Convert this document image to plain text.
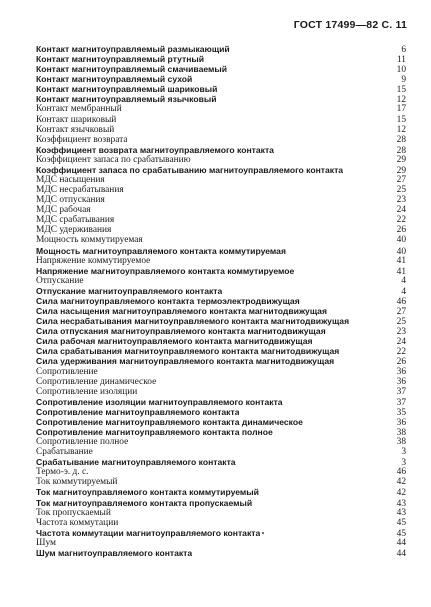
ГОСТ 17499—82 С. 11
Контакт магнитоуправляемый размыкающий	6
Контакт магнитоуправляемый ртутный	11
Контакт магнитоуправляемый смачиваемый	10
Контакт магнитоуправляемый сухой	9
Контакт магнитоуправляемый шариковый	15
Контакт магнитоуправляемый язычковый	12
Контакт мембранный	17
Контакт шариковый	15
Контакт язычковый	12
Коэффициент возврата	28
Коэффициент возврата магнитоуправляемого контакта	28
Коэффициент запаса по срабатыванию	29
Коэффициент запаса по срабатыванию магнитоуправляемого контакта	29
МДС насыщения	27
МДС несрабатывания	25
МДС отпускания	23
МДС рабочая	24
МДС срабатывания	22
МДС удерживания	26
Мощность коммутируемая	40
Мощность магнитоуправляемого контакта коммутируемая	40
Напряжение коммутируемое	41
Напряжение магнитоуправляемого контакта коммутируемое	41
Отпускание	4
Отпускание магнитоуправляемого контакта	4
Сила магнитоуправляемого контакта термоэлектродвижущая	46
Сила насыщения магнитоуправляемого контакта магнитодвижущая	27
Сила несрабатывания магнитоуправляемого контакта магнитодвижущая	25
Сила отпускания магнитоуправляемого контакта магнитодвижущая	23
Сила рабочая магнитоуправляемого контакта магнитодвижущая	24
Сила срабатывания магнитоуправляемого контакта магнитодвижущая	22
Сила удерживания магнитоуправляемого контакта магнитодвижущая	26
Сопротивление	36
Сопротивление динамическое	36
Сопротивление изоляции	37
Сопротивление изоляции магнитоуправляемого контакта	37
Сопротивление магнитоуправляемого контакта	35
Сопротивление магнитоуправляемого контакта динамическое	36
Сопротивление магнитоуправляемого контакта полное	38
Сопротивление полное	38
Срабатывание	3
Срабатывание магнитоуправляемого контакта	3
Термо-э. д. с.	46
Ток коммутируемый	42
Ток магнитоуправляемого контакта коммутируемый	42
Ток магнитоуправляемого контакта пропускаемый	43
Ток пропускаемый	43
Частота коммутации	45
Частота коммутации магнитоуправляемого контакта	45
Шум	44
Шум магнитоуправляемого контакта	44
